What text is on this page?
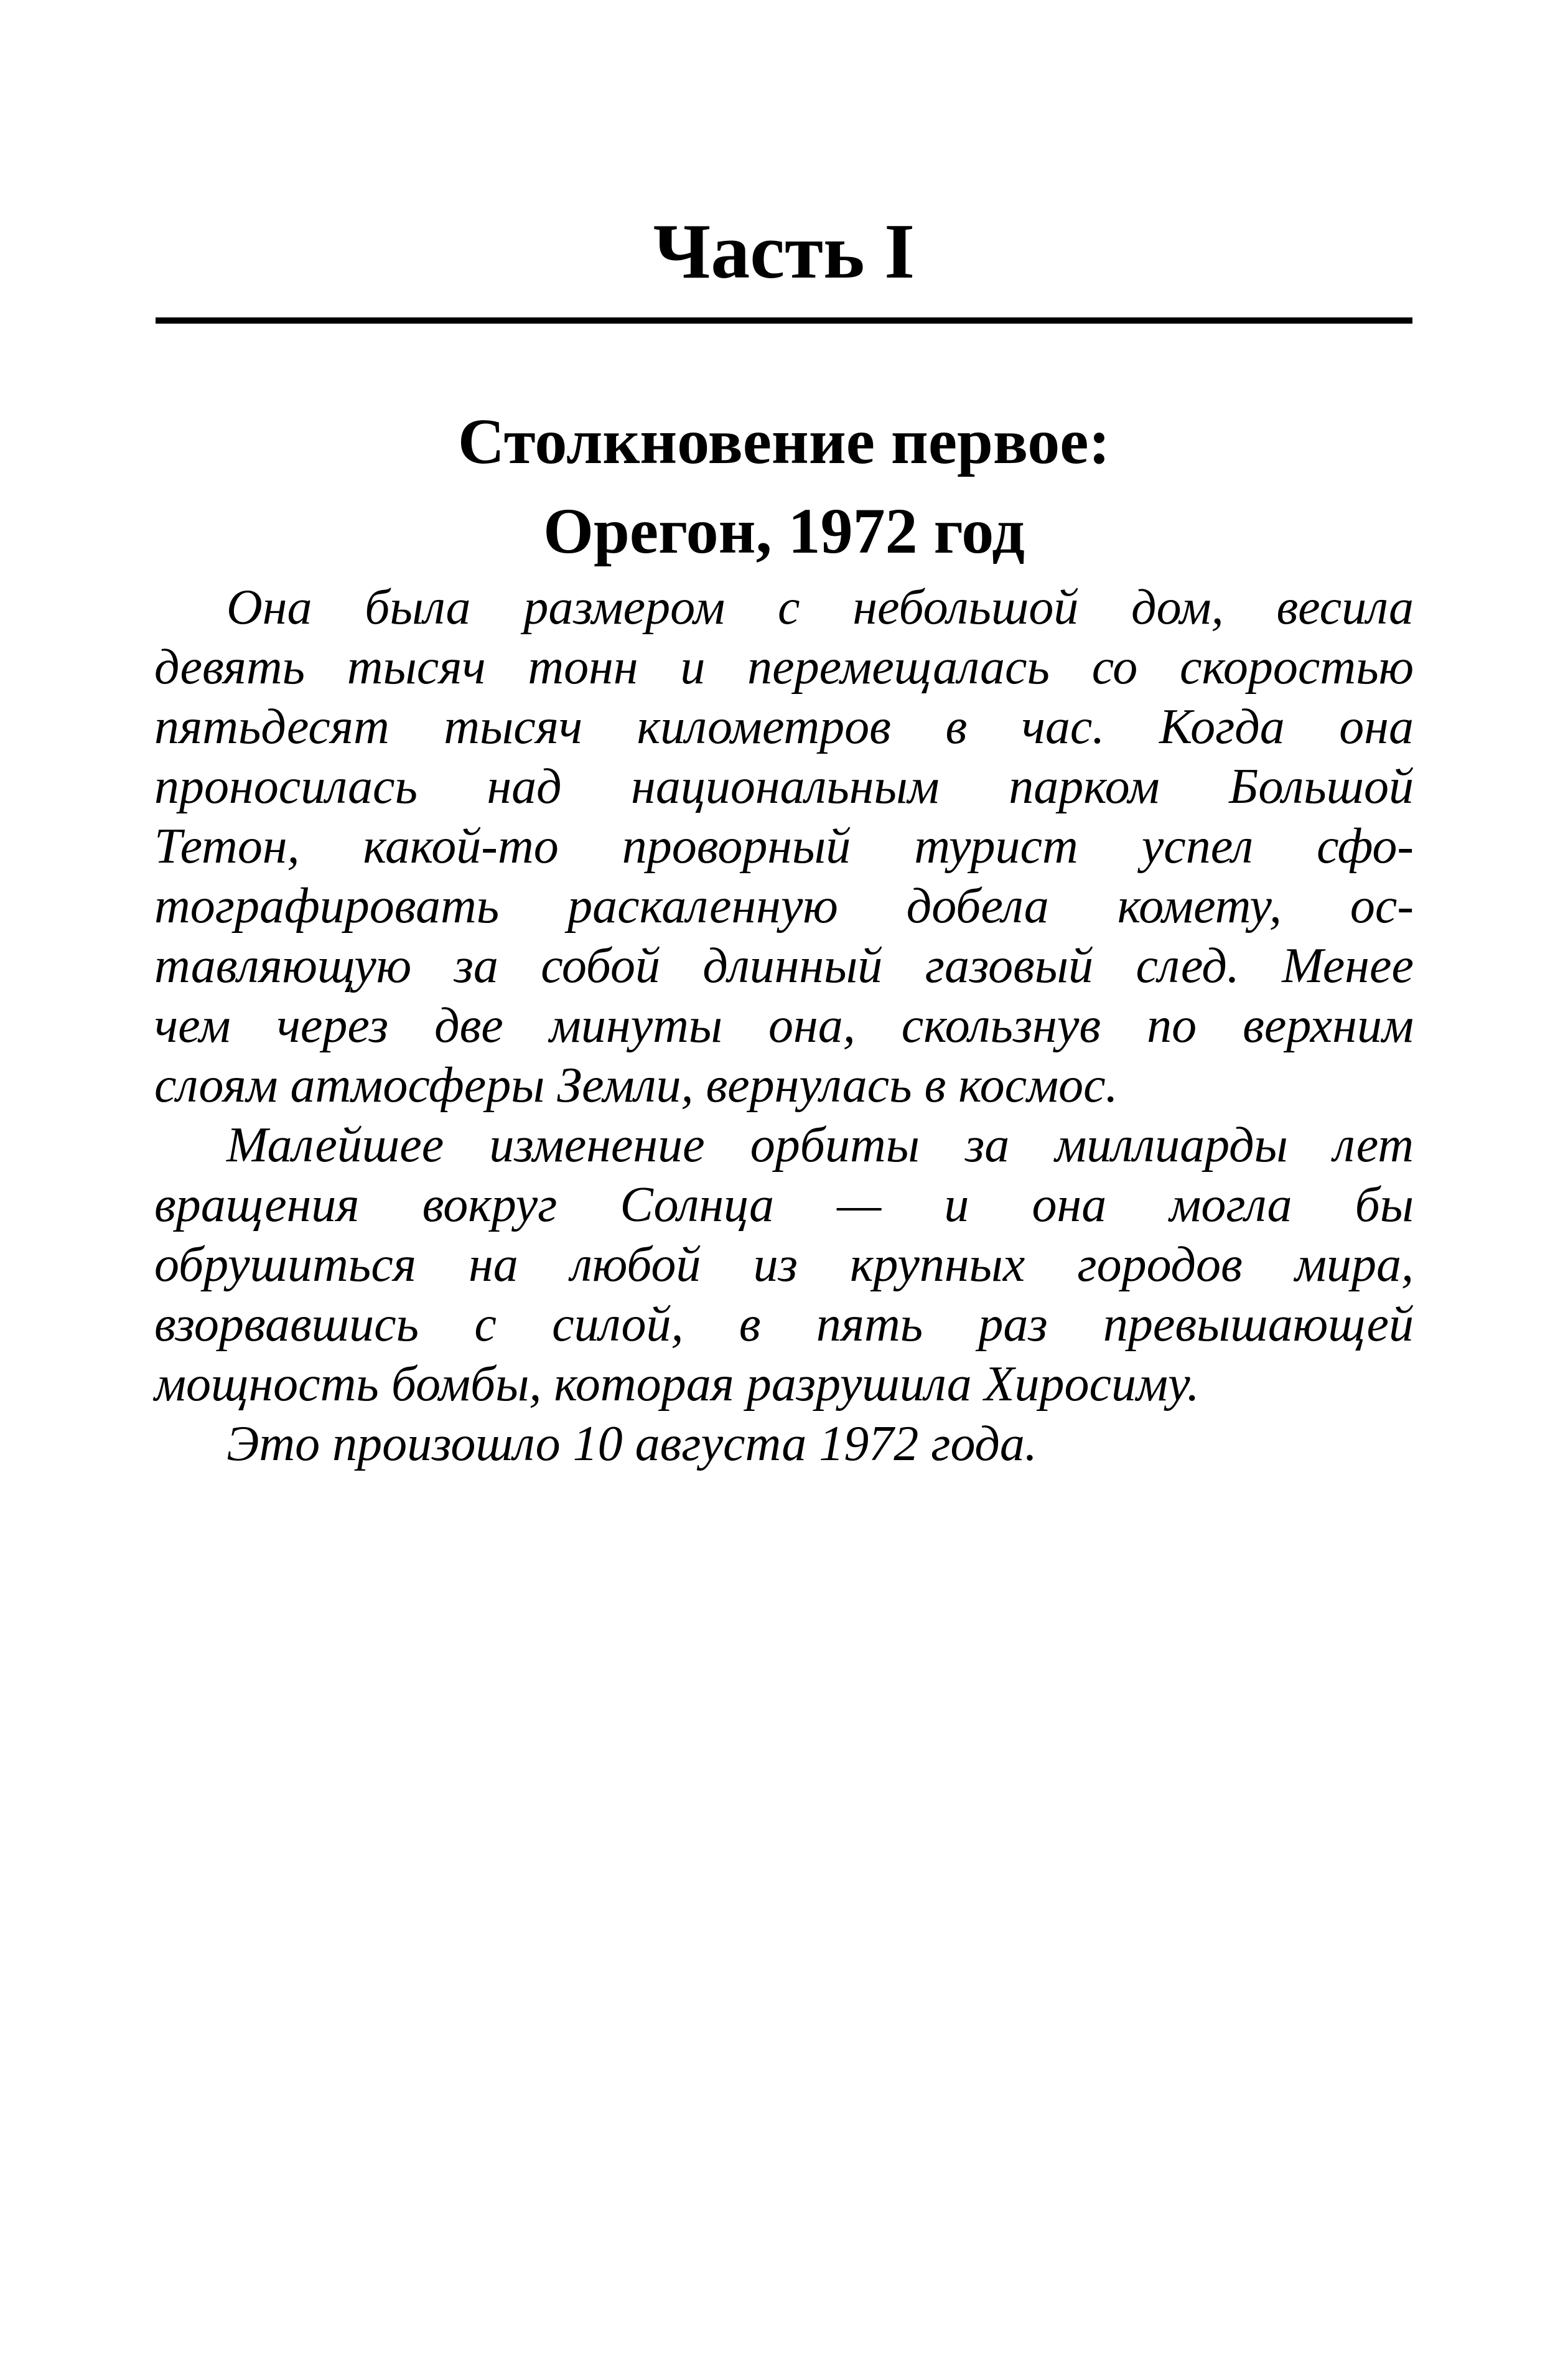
Часть I
Столкновение первое:
Орегон, 1972 год
Она была размером с небольшой дом, весила
девять тысяч тонн и перемещалась со скоростью
пятьдесят тысяч километров в час. Когда она
проносилась над национальным парком Большой
Тетон, какой-то проворный турист успел сфо-
тографировать раскаленную добела комету, ос-
тавляющую за собой длинный газовый след. Менее
чем через две минуты она, скользнув по верхним
слоям атмосферы Земли, вернулась в космос.
Малейшее изменение орбиты за миллиарды лет
вращения вокруг Солнца — и она могла бы
обрушиться на любой из крупных городов мира,
взорвавшись с силой, в пять раз превышающей
мощность бомбы, которая разрушила Хиросиму.
Это произошло 10 августа 1972 года.
